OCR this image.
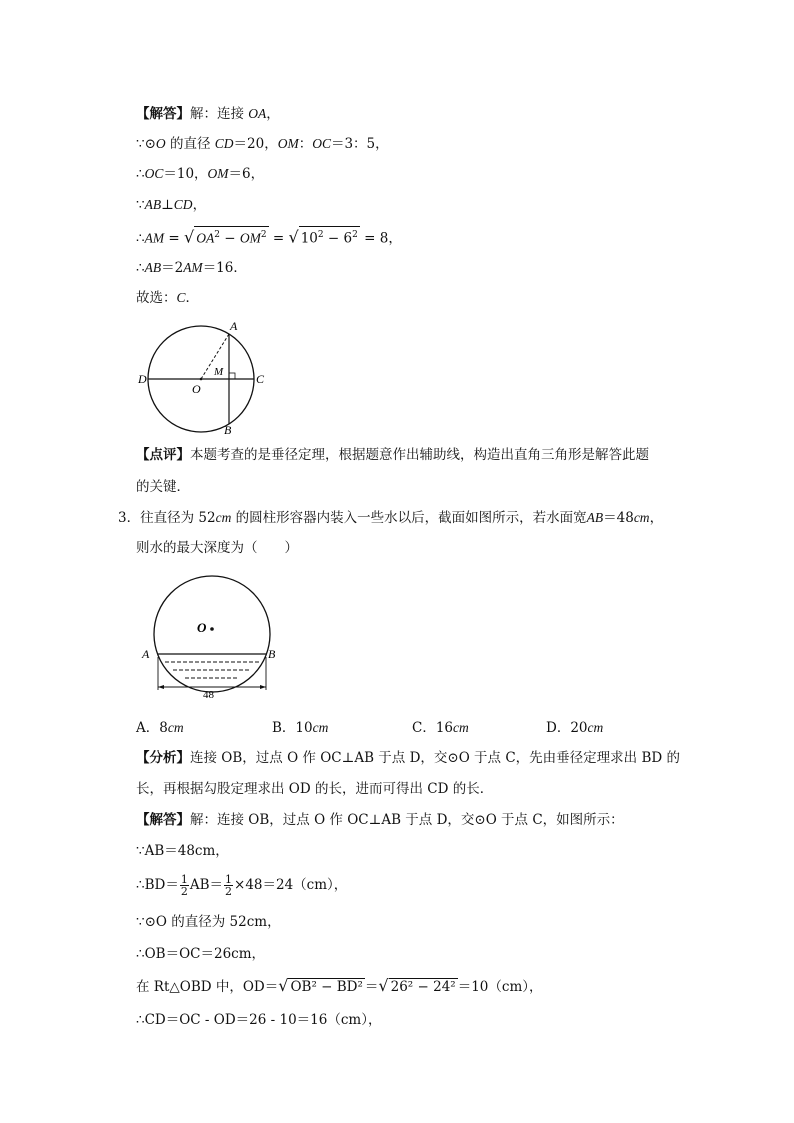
【解答】解：连接 OA，
∵⊙O 的直径 CD＝20，OM：OC＝3：5，
∴OC＝10，OM＝6，
∵AB⊥CD，
∴AM = √ $OA^2 - OM^2$ = √ $10^2 - 6^2 = 8$，
∴AB＝2AM＝16．
故选：C．
A
B
C
D
O
M
【点评】本题考查的是垂径定理，根据题意作出辅助线，构造出直角三角形是解答此题
的关键．
3．往直径为 52cm 的圆柱形容器内装入一些水以后，截面如图所示，若水面宽AB＝48cm，
则水的最大深度为（　　）
O
A	B
48
A．8cm	B．10cm	C．16cm	D．20cm
【分析】连接 OB，过点 O 作 OC⊥AB 于点 D，交⊙O 于点 C，先由垂径定理求出 BD 的
长，再根据勾股定理求出 OD 的长，进而可得出 CD 的长．
【解答】解：连接 OB，过点 O 作 OC⊥AB 于点 D，交⊙O 于点 C，如图所示：
∵AB＝48cm，
∴BD＝ $\frac{1}{2} AB= \frac{1}{2} \times 48=24(cm)$，
∵⊙O 的直径为 52cm，
∴OB＝OC＝26cm，
在 Rt△OBD 中，OD＝√ OB² − BD² ＝√ 26² − 24² ＝10（cm），
∴CD＝OC - OD＝26 - 10＝16（cm），
